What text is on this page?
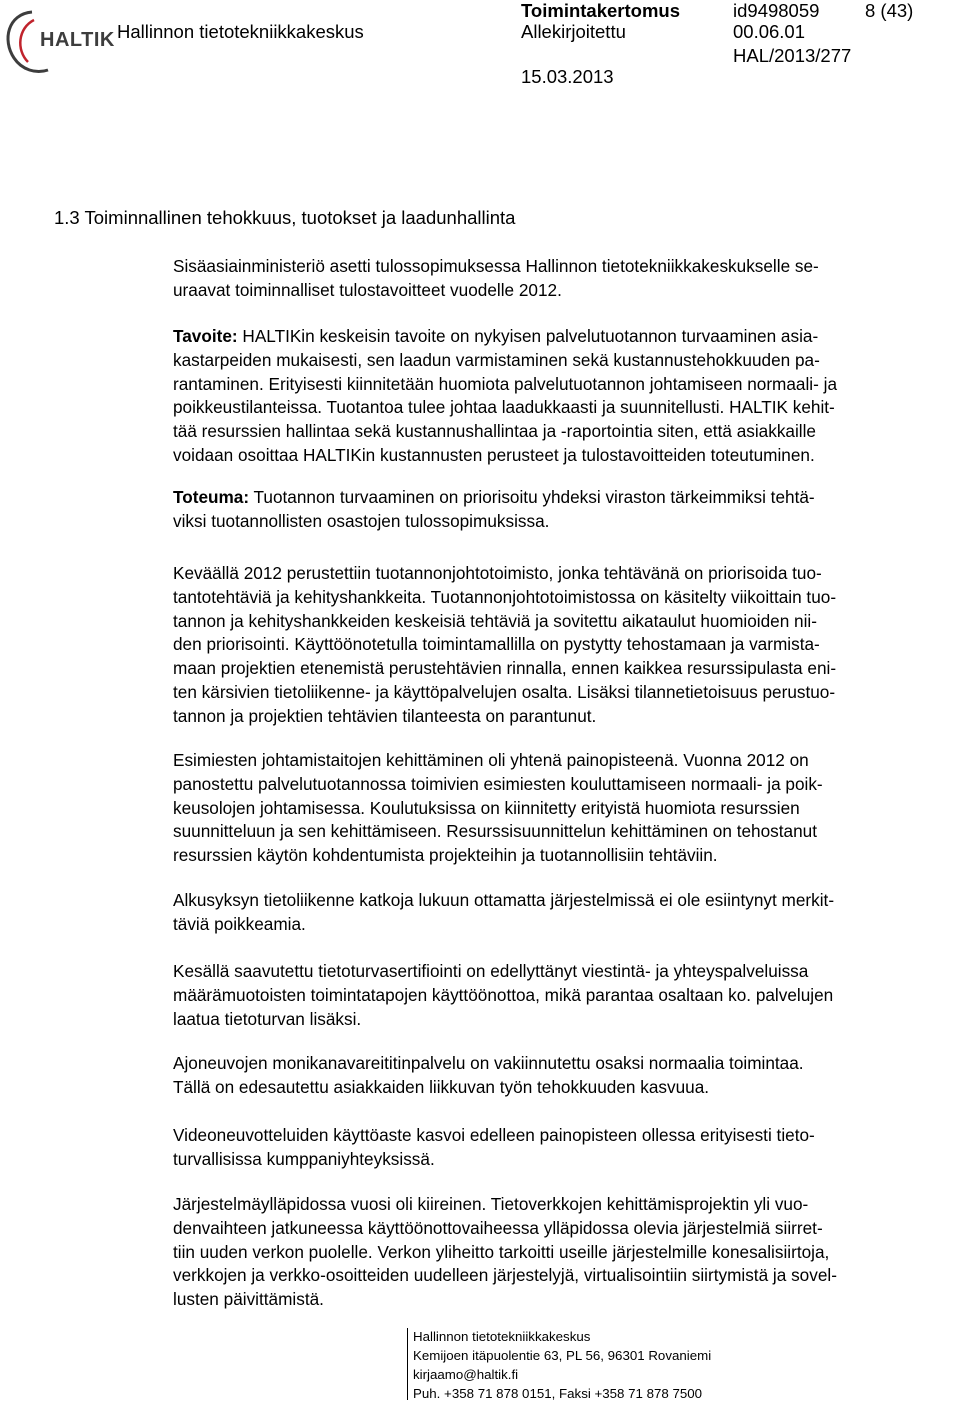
HALTIK Hallinnon tietotekniikkakeskus
Toimintakertomus
Allekirjoitettu
15.03.2013
id9498059 8 (43)
00.06.01
HAL/2013/277
1.3 Toiminnallinen tehokkuus, tuotokset ja laadunhallinta
Sisäasiainministeriö asetti tulossopimuksessa Hallinnon tietotekniikkakeskukselle se-
uraavat toiminnalliset tulostavoitteet vuodelle 2012.
Tavoite: HALTIKin keskeisin tavoite on nykyisen palvelutuotannon turvaaminen asia-
kastarpeiden mukaisesti, sen laadun varmistaminen sekä kustannustehokkuuden pa-
rantaminen. Erityisesti kiinnitetään huomiota palvelutuotannon johtamiseen normaali- ja
poikkeustilanteissa. Tuotantoa tulee johtaa laadukkaasti ja suunnitellusti. HALTIK kehit-
tää resurssien hallintaa sekä kustannushallintaa ja -raportointia siten, että asiakkaille
voidaan osoittaa HALTIKin kustannusten perusteet ja tulostavoitteiden toteutuminen.
Toteuma: Tuotannon turvaaminen on priorisoitu yhdeksi viraston tärkeimmiksi tehtä-
viksi tuotannollisten osastojen tulossopimuksissa.
Keväällä 2012 perustettiin tuotannonjohtotoimisto, jonka tehtävänä on priorisoida tuo-
tantotehtäviä ja kehityshankkeita. Tuotannonjohtotoimistossa on käsitelty viikoittain tuo-
tannon ja kehityshankkeiden keskeisiä tehtäviä ja sovitettu aikataulut huomioiden nii-
den priorisointi. Käyttöönotetulla toimintamallilla on pystytty tehostamaan ja varmista-
maan projektien etenemistä perustehtävien rinnalla, ennen kaikkea resurssipulasta eni-
ten kärsivien tietoliikenne- ja käyttöpalvelujen osalta. Lisäksi tilannetietoisuus perustuo-
tannon ja projektien tehtävien tilanteesta on parantunut.
Esimiesten johtamistaitojen kehittäminen oli yhtenä painopisteenä. Vuonna 2012 on
panostettu palvelutuotannossa toimivien esimiesten kouluttamiseen normaali- ja poik-
keusolojen johtamisessa. Koulutuksissa on kiinnitetty erityistä huomiota resurssien
suunnitteluun ja sen kehittämiseen. Resurssisuunnittelun kehittäminen on tehostanut
resurssien käytön kohdentumista projekteihin ja tuotannollisiin tehtäviin.
Alkusyksyn tietoliikenne katkoja lukuun ottamatta järjestelmissä ei ole esiintynyt merkit-
täviä poikkeamia.
Kesällä saavutettu tietoturvasertifiointi on edellyttänyt viestintä- ja yhteyspalveluissa
määrämuotoisten toimintatapojen käyttöönottoa, mikä parantaa osaltaan ko. palvelujen
laatua tietoturvan lisäksi.
Ajoneuvojen monikanavareititinpalvelu on vakiinnutettu osaksi normaalia toimintaa.
Tällä on edesautettu asiakkaiden liikkuvan työn tehokkuuden kasvuua.
Videoneuvotteluiden käyttöaste kasvoi edelleen painopisteen ollessa erityisesti tieto-
turvallisissa kumppaniyhteyksissä.
Järjestelmäylläpidossa vuosi oli kiireinen. Tietoverkkojen kehittämisprojektin yli vuo-
denvaihteen jatkuneessa käyttöönottovaiheessa ylläpidossa olevia järjestelmiä siirret-
tiin uuden verkon puolelle. Verkon yliheitto tarkoitti useille järjestelmille konesalisiirtoja,
verkkojen ja verkko-osoitteiden uudelleen järjestelyjä, virtualisointiin siirtymistä ja sovel-
lusten päivittämistä.
Hallinnon tietotekniikkakeskus
Kemijoen itäpuolentie 63, PL 56, 96301 Rovaniemi
kirjaamo@haltik.fi
Puh. +358 71 878 0151, Faksi +358 71 878 7500
